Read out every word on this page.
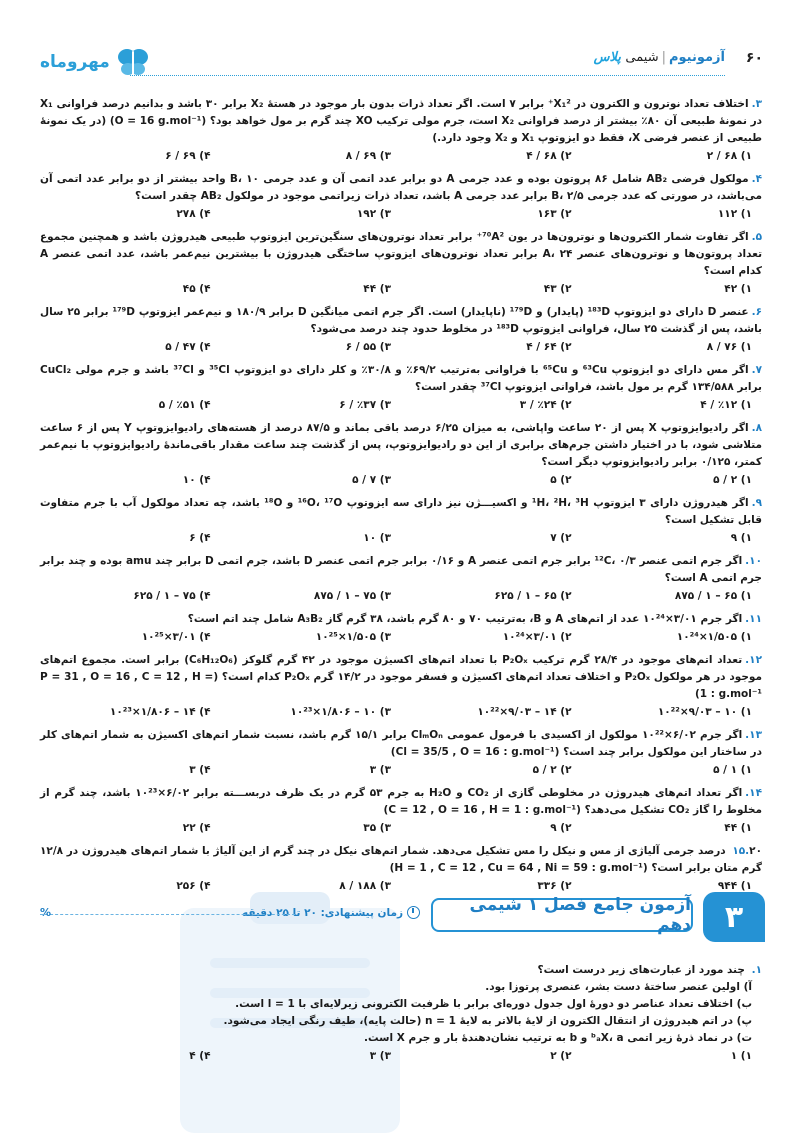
مهروماه	آزمونیوم|شیمی پلاس	۶۰
۳.اختلاف تعداد نوترون و الکترون در X₁²⁺ برابر ۷ است. اگر تعداد ذرات بدون بار موجود در هستهٔ X₂ برابر ۳۰ باشد و بدانیم درصد فراوانی X₁ در نمونهٔ طبیعی آن ۸۰٪ بیشتر از درصد فراوانی X₂ است، جرم مولی ترکیب XO چند گرم بر مول خواهد بود؟ (O = 16 g.mol⁻¹) (در یک نمونهٔ طبیعی از عنصر فرضی X، فقط دو ایزوتوپ X₁ و X₂ وجود دارد.)
۱) ۶۸ / ۲
۲) ۶۸ / ۴
۳) ۶۹ / ۸
۴) ۶۹ / ۶
۴.مولکول فرضی AB₂ شامل ۸۶ پروتون بوده و عدد جرمی A دو برابر عدد اتمی آن و عدد جرمی B، ۱۰ واحد بیشتر از دو برابر عدد اتمی آن می‌باشد، در صورتی که عدد جرمی B، ۲/۵ برابر عدد جرمی A باشد، تعداد ذرات زیراتمی موجود در مولکول AB₂ چقدر است؟
۱) ۱۱۲
۲) ۱۶۳
۳) ۱۹۲
۴) ۲۷۸
۵.اگر تفاوت شمار الکترون‌ها و نوترون‌ها در یون ⁷⁰A²⁺ برابر تعداد نوترون‌های سنگین‌ترین ایزوتوپ طبیعی هیدروژن باشد و همچنین مجموع تعداد پروتون‌ها و نوترون‌های عنصر A، ۲۴ برابر تعداد نوترون‌های ایزوتوپ ساختگی هیدروژن با بیشترین نیم‌عمر باشد، عدد اتمی عنصر A کدام است؟
۱) ۴۲
۲) ۴۳
۳) ۴۴
۴) ۴۵
۶.عنصر D دارای دو ایزوتوپ ¹⁸³D (پایدار) و ¹⁷⁹D (ناپایدار) است. اگر جرم اتمی میانگین D برابر ۱۸۰/۹ و نیم‌عمر ایزوتوپ ¹⁷⁹D برابر ۲۵ سال باشد، پس از گذشت ۲۵ سال، فراوانی ایزوتوپ ¹⁸³D در مخلوط حدود چند درصد می‌شود؟
۱) ۷۶ / ۸
۲) ۶۴ / ۴
۳) ۵۵ / ۶
۴) ۴۷ / ۵
۷.اگر مس دارای دو ایزوتوپ ⁶³Cu و ⁶⁵Cu با فراوانی به‌ترتیب ۶۹/۲٪ و ۳۰/۸٪ و کلر دارای دو ایزوتوپ ³⁵Cl و ³⁷Cl باشد و جرم مولی CuCl₂ برابر ۱۳۴/۵۸۸ گرم بر مول باشد، فراوانی ایزوتوپ ³⁷Cl چقدر است؟
۱) ٪۱۲ / ۴
۲) ٪۲۴ / ۳
۳) ٪۳۷ / ۶
۴) ٪۵۱ / ۵
۸.اگر رادیوایزوتوپ X پس از ۲۰ ساعت واپاشی، به میزان ۶/۲۵ درصد باقی بماند و ۸۷/۵ درصد از هسته‌های رادیوایزوتوپ Y پس از ۶ ساعت متلاشی شود، با در اختیار داشتن جرم‌های برابری از این دو رادیوایزوتوپ، پس از گذشت چند ساعت مقدار باقی‌ماندهٔ رادیوایزوتوپ با نیم‌عمر کمتر، ۰/۱۲۵ برابر رادیوایزوتوپ دیگر است؟
۱) ۲ / ۵
۲) ۵
۳) ۷ / ۵
۴) ۱۰
۹.اگر هیدروژن دارای ۳ ایزوتوپ ¹H، ²H، ³H و اکسیـــژن نیز دارای سه ایزوتوپ ¹⁶O، ¹⁷O و ¹⁸O باشد، چه تعداد مولکول آب با جرم متفاوت قابل تشکیل است؟
۱) ۹
۲) ۷
۳) ۱۰
۴) ۶
۱۰.اگر جرم اتمی عنصر ¹²C، ۰/۳ برابر جرم اتمی عنصر A و ۰/۱۶ برابر جرم اتمی عنصر D باشد، جرم اتمی D برابر چند amu بوده و چند برابر جرم اتمی A است؟
۱) ۶۵ – ۱ / ۸۷۵
۲) ۶۵ – ۱ / ۶۲۵
۳) ۷۵ – ۱ / ۸۷۵
۴) ۷۵ – ۱ / ۶۲۵
۱۱.اگر جرم ۳/۰۱×۱۰²⁴ عدد از اتم‌های A و B، به‌ترتیب ۷۰ و ۸۰ گرم باشد، ۳۸ گرم گاز A₃B₂ شامل چند اتم است؟
۱) ۱/۵۰۵×۱۰²⁴
۲) ۳/۰۱×۱۰²⁴
۳) ۱/۵۰۵×۱۰²⁵
۴) ۳/۰۱×۱۰²⁵
۱۲.تعداد اتم‌های موجود در ۲۸/۴ گرم ترکیب P₂Oₓ با تعداد اتم‌های اکسیژن موجود در ۴۲ گرم گلوکز (C₆H₁₂O₆) برابر است. مجموع اتم‌های موجود در هر مولکول P₂Oₓ و اختلاف تعداد اتم‌های اکسیژن و فسفر موجود در ۱۴/۲ گرم P₂Oₓ کدام است؟ (P = 31 , O = 16 , C = 12 , H = 1 : g.mol⁻¹)
۱) ۱۰ – ۹/۰۳×۱۰²²
۲) ۱۴ – ۹/۰۳×۱۰²²
۳) ۱۰ – ۱/۸۰۶×۱۰²³
۴) ۱۴ – ۱/۸۰۶×۱۰²³
۱۳.اگر جرم ۶/۰۲×۱۰²² مولکول از اکسیدی با فرمول عمومی ClₘOₙ برابر ۱۵/۱ گرم باشد، نسبت شمار اتم‌های اکسیژن به شمار اتم‌های کلر در ساختار این مولکول برابر چند است؟ (Cl = 35/5 , O = 16 : g.mol⁻¹)
۱) ۱ / ۵
۲) ۲ / ۵
۳) ۳
۴) ۳
۱۴.اگر تعداد اتم‌های هیدروژن در مخلوطی گازی از CO₂ و H₂O به جرم ۵۳ گرم در یک ظرف دربســـته برابر ۶/۰۲×۱۰²³ باشد، چند گرم از مخلوط را گاز CO₂ تشکیل می‌دهد؟ (C = 12 , O = 16 , H = 1 : g.mol⁻¹)
۱) ۴۴
۲) ۹
۳) ۳۵
۴) ۲۲
۱۵.۲۰ درصد جرمی آلیاژی از مس و نیکل را مس تشکیل می‌دهد. شمار اتم‌های نیکل در چند گرم از این آلیاژ با شمار اتم‌های هیدروژن در ۱۲/۸ گرم متان برابر است؟ (H = 1 , C = 12 , Cu = 64 , Ni = 59 : g.mol⁻¹)
۱) ۹۴۴
۲) ۳۳۶
۳) ۱۸۸ / ۸
۴) ۲۵۶
۳
آزمون جامع فصل ۱ شیمی دهم
زمان پیشنهادی: ۲۰ تا ۲۵ دقیقه
%
۱. چند مورد از عبارت‌های زیر درست است؟
آ) اولین عنصر ساختهٔ دست بشر، عنصری پرتوزا بود.
ب) اختلاف تعداد عناصر دو دورهٔ اول جدول دوره‌ای برابر با ظرفیت الکترونی زیرلایه‌ای با l = 1 است.
پ) در اتم هیدروژن از انتقال الکترون از لایهٔ بالاتر به لایهٔ n = 1 (حالت پایه)، طیف رنگی ایجاد می‌شود.
ت) در نماد ذرهٔ زیر اتمی ᵇₐX، a و b به ترتیب نشان‌دهندهٔ بار و جرم X است.
۱) ۱
۲) ۲
۳) ۳
۴) ۴
